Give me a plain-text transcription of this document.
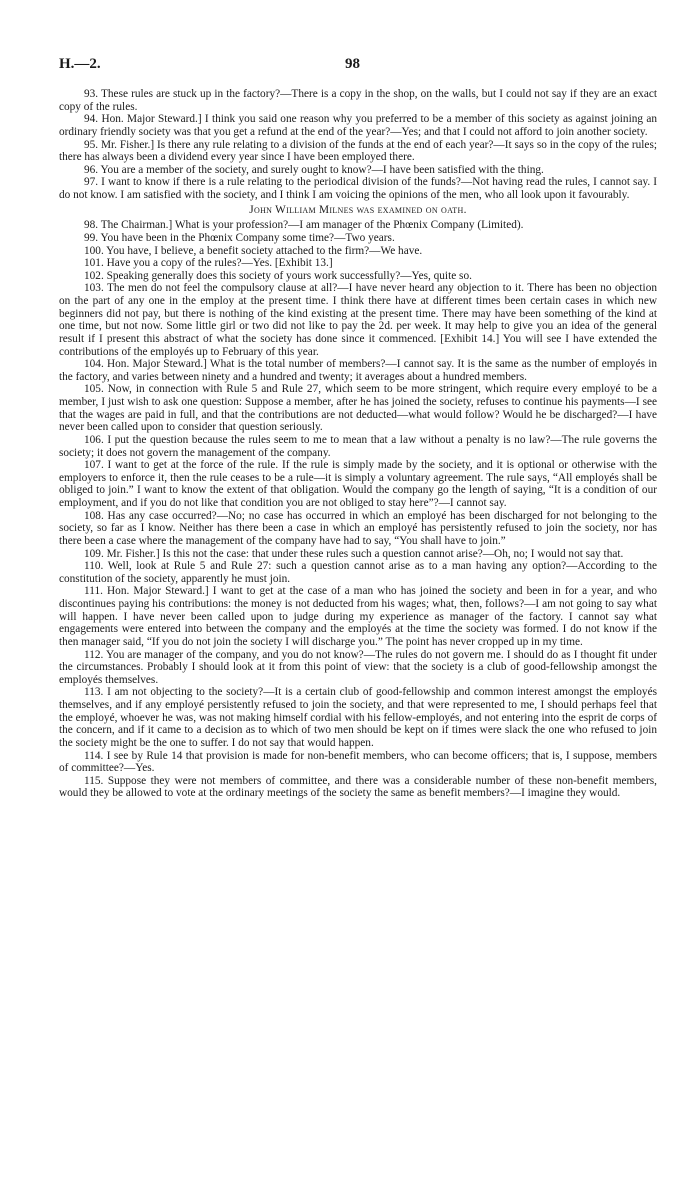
H.—2.	98

93. These rules are stuck up in the factory?—There is a copy in the shop, on the walls, but I could not say if they are an exact copy of the rules.

94. Hon. Major Steward.] I think you said one reason why you preferred to be a member of this society as against joining an ordinary friendly society was that you get a refund at the end of the year?—Yes; and that I could not afford to join another society.

95. Mr. Fisher.] Is there any rule relating to a division of the funds at the end of each year?—It says so in the copy of the rules; there has always been a dividend every year since I have been employed there.

96. You are a member of the society, and surely ought to know?—I have been satisfied with the thing.

97. I want to know if there is a rule relating to the periodical division of the funds?—Not having read the rules, I cannot say. I do not know. I am satisfied with the society, and I think I am voicing the opinions of the men, who all look upon it favourably.

John William Milnes was examined on oath.

98. The Chairman.] What is your profession?—I am manager of the Phœnix Company (Limited).

99. You have been in the Phœnix Company some time?—Two years.

100. You have, I believe, a benefit society attached to the firm?—We have.

101. Have you a copy of the rules?—Yes. [Exhibit 13.]

102. Speaking generally does this society of yours work successfully?—Yes, quite so.

103. The men do not feel the compulsory clause at all?—I have never heard any objection to it. There has been no objection on the part of any one in the employ at the present time. I think there have at different times been certain cases in which new beginners did not pay, but there is nothing of the kind existing at the present time. There may have been something of the kind at one time, but not now. Some little girl or two did not like to pay the 2d. per week. It may help to give you an idea of the general result if I present this abstract of what the society has done since it commenced. [Exhibit 14.] You will see I have extended the contributions of the employés up to February of this year.

104. Hon. Major Steward.] What is the total number of members?—I cannot say. It is the same as the number of employés in the factory, and varies between ninety and a hundred and twenty; it averages about a hundred members.

105. Now, in connection with Rule 5 and Rule 27, which seem to be more stringent, which require every employé to be a member, I just wish to ask one question: Suppose a member, after he has joined the society, refuses to continue his payments—I see that the wages are paid in full, and that the contributions are not deducted—what would follow? Would he be discharged?—I have never been called upon to consider that question seriously.

106. I put the question because the rules seem to me to mean that a law without a penalty is no law?—The rule governs the society; it does not govern the management of the company.

107. I want to get at the force of the rule. If the rule is simply made by the society, and it is optional or otherwise with the employers to enforce it, then the rule ceases to be a rule—it is simply a voluntary agreement. The rule says, “All employés shall be obliged to join.” I want to know the extent of that obligation. Would the company go the length of saying, “It is a condition of our employment, and if you do not like that condition you are not obliged to stay here”?—I cannot say.

108. Has any case occurred?—No; no case has occurred in which an employé has been discharged for not belonging to the society, so far as I know. Neither has there been a case in which an employé has persistently refused to join the society, nor has there been a case where the management of the company have had to say, “You shall have to join.”

109. Mr. Fisher.] Is this not the case: that under these rules such a question cannot arise?—Oh, no; I would not say that.

110. Well, look at Rule 5 and Rule 27: such a question cannot arise as to a man having any option?—According to the constitution of the society, apparently he must join.

111. Hon. Major Steward.] I want to get at the case of a man who has joined the society and been in for a year, and who discontinues paying his contributions: the money is not deducted from his wages; what, then, follows?—I am not going to say what will happen. I have never been called upon to judge during my experience as manager of the factory. I cannot say what engagements were entered into between the company and the employés at the time the society was formed. I do not know if the then manager said, “If you do not join the society I will discharge you.” The point has never cropped up in my time.

112. You are manager of the company, and you do not know?—The rules do not govern me. I should do as I thought fit under the circumstances. Probably I should look at it from this point of view: that the society is a club of good-fellowship amongst the employés themselves.

113. I am not objecting to the society?—It is a certain club of good-fellowship and common interest amongst the employés themselves, and if any employé persistently refused to join the society, and that were represented to me, I should perhaps feel that the employé, whoever he was, was not making himself cordial with his fellow-employés, and not entering into the esprit de corps of the concern, and if it came to a decision as to which of two men should be kept on if times were slack the one who refused to join the society might be the one to suffer. I do not say that would happen.

114. I see by Rule 14 that provision is made for non-benefit members, who can become officers; that is, I suppose, members of committee?—Yes.

115. Suppose they were not members of committee, and there was a considerable number of these non-benefit members, would they be allowed to vote at the ordinary meetings of the society the same as benefit members?—I imagine they would.
